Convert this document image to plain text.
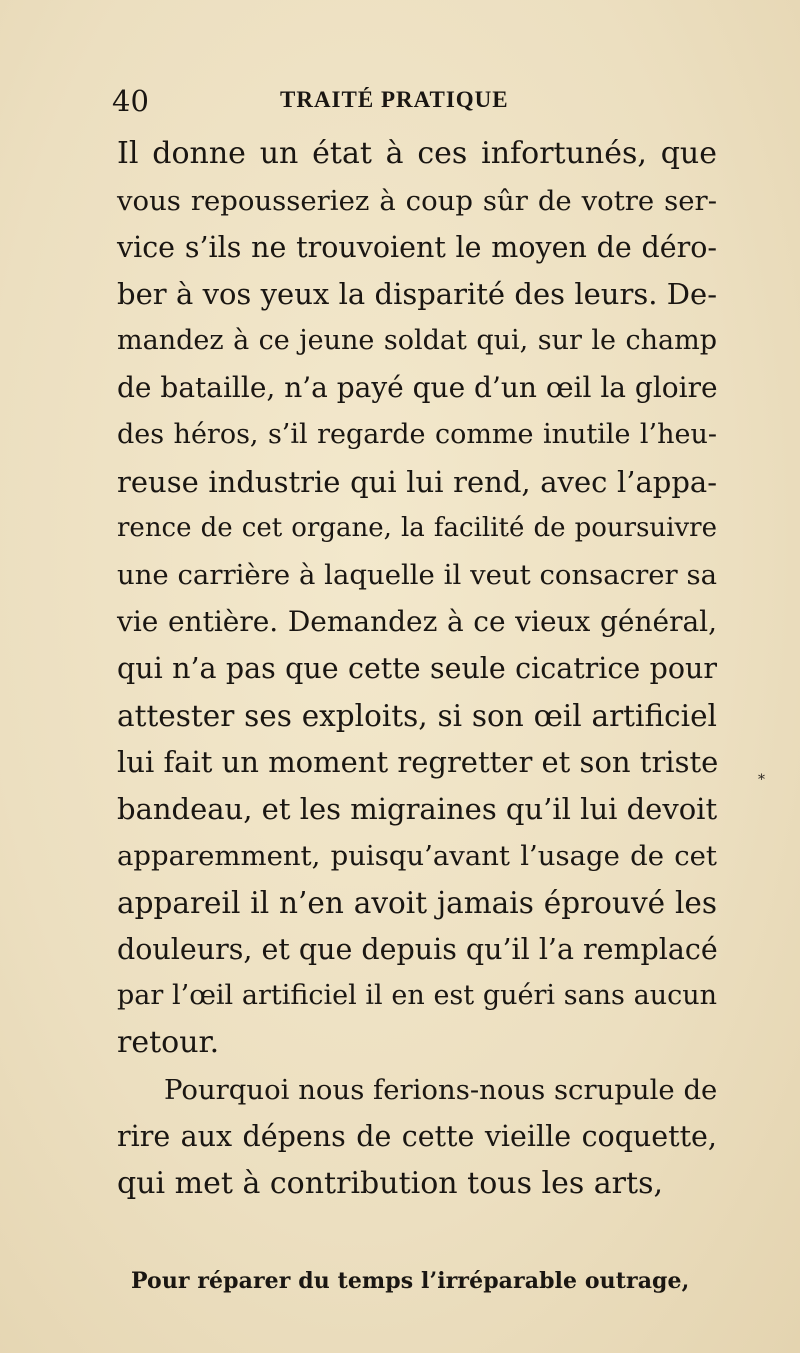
40	TRAITÉ PRATIQUE
Il donne un état à ces infortunés, que
vous repousseriez à coup sûr de votre ser-
vice s’ils ne trouvoient le moyen de déro-
ber à vos yeux la disparité des leurs. De-
mandez à ce jeune soldat qui, sur le champ
de bataille, n’a payé que d’un œil la gloire
des héros, s’il regarde comme inutile l’heu-
reuse industrie qui lui rend, avec l’appa-
rence de cet organe, la facilité de poursuivre
une carrière à laquelle il veut consacrer sa
vie entière. Demandez à ce vieux général,
qui n’a pas que cette seule cicatrice pour
attester ses exploits, si son œil artificiel
lui fait un moment regretter et son triste
bandeau, et les migraines qu’il lui devoit
apparemment, puisqu’avant l’usage de cet
appareil il n’en avoit jamais éprouvé les
douleurs, et que depuis qu’il l’a remplacé
par l’œil artificiel il en est guéri sans aucun
retour.
Pourquoi nous ferions-nous scrupule de
rire aux dépens de cette vieille coquette,
qui met à contribution tous les arts,
Pour réparer du temps l’irréparable outrage,
*
